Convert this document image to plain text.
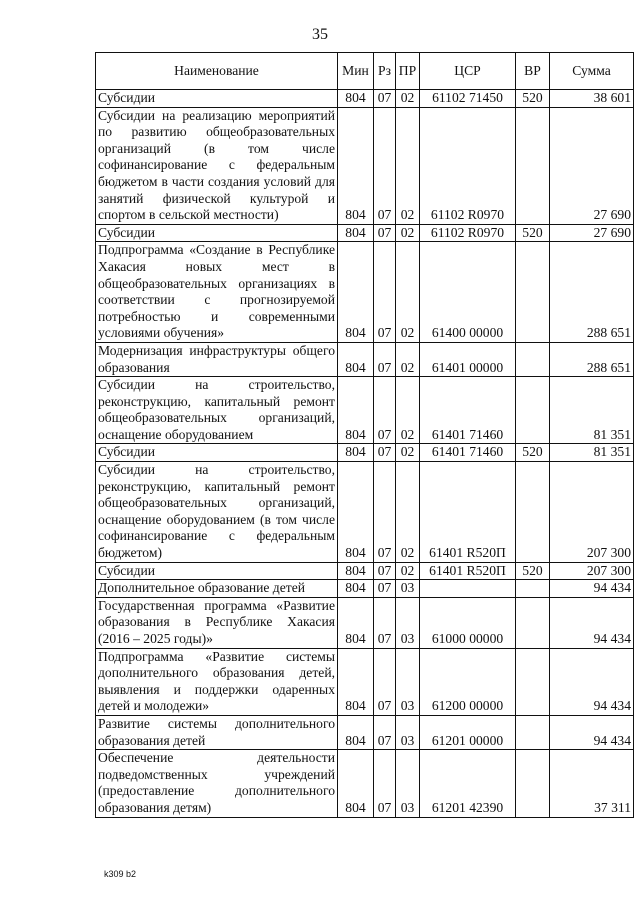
35
Наименование	Мин	Рз	ПР	ЦСР	ВР	Сумма
Субсидии	804	07	02	61102 71450	520	38 601
Субсидии на реализацию мероприятий по развитию общеобразовательных организаций (в том числе софинансирование с федеральным бюджетом в части создания условий для занятий физической культурой и спортом в сельской местности)	804	07	02	61102 R0970		27 690
Субсидии	804	07	02	61102 R0970	520	27 690
Подпрограмма «Создание в Республике Хакасия новых мест в общеобразовательных организациях в соответствии с прогнозируемой потребностью и современными условиями обучения»	804	07	02	61400 00000		288 651
Модернизация инфраструктуры общего образования	804	07	02	61401 00000		288 651
Субсидии на строительство, реконструкцию, капитальный ремонт общеобразовательных организаций, оснащение оборудованием	804	07	02	61401 71460		81 351
Субсидии	804	07	02	61401 71460	520	81 351
Субсидии на строительство, реконструкцию, капитальный ремонт общеобразовательных организаций, оснащение оборудованием (в том числе софинансирование с федеральным бюджетом)	804	07	02	61401 R520П		207 300
Субсидии	804	07	02	61401 R520П	520	207 300
Дополнительное образование детей	804	07	03			94 434
Государственная программа «Развитие образования в Республике Хакасия (2016 – 2025 годы)»	804	07	03	61000 00000		94 434
Подпрограмма «Развитие системы дополнительного образования детей, выявления и поддержки одаренных детей и молодежи»	804	07	03	61200 00000		94 434
Развитие системы дополнительного образования детей	804	07	03	61201 00000		94 434
Обеспечение деятельности подведомственных учреждений (предоставление дополнительного образования детям)	804	07	03	61201 42390		37 311
k309 b2
